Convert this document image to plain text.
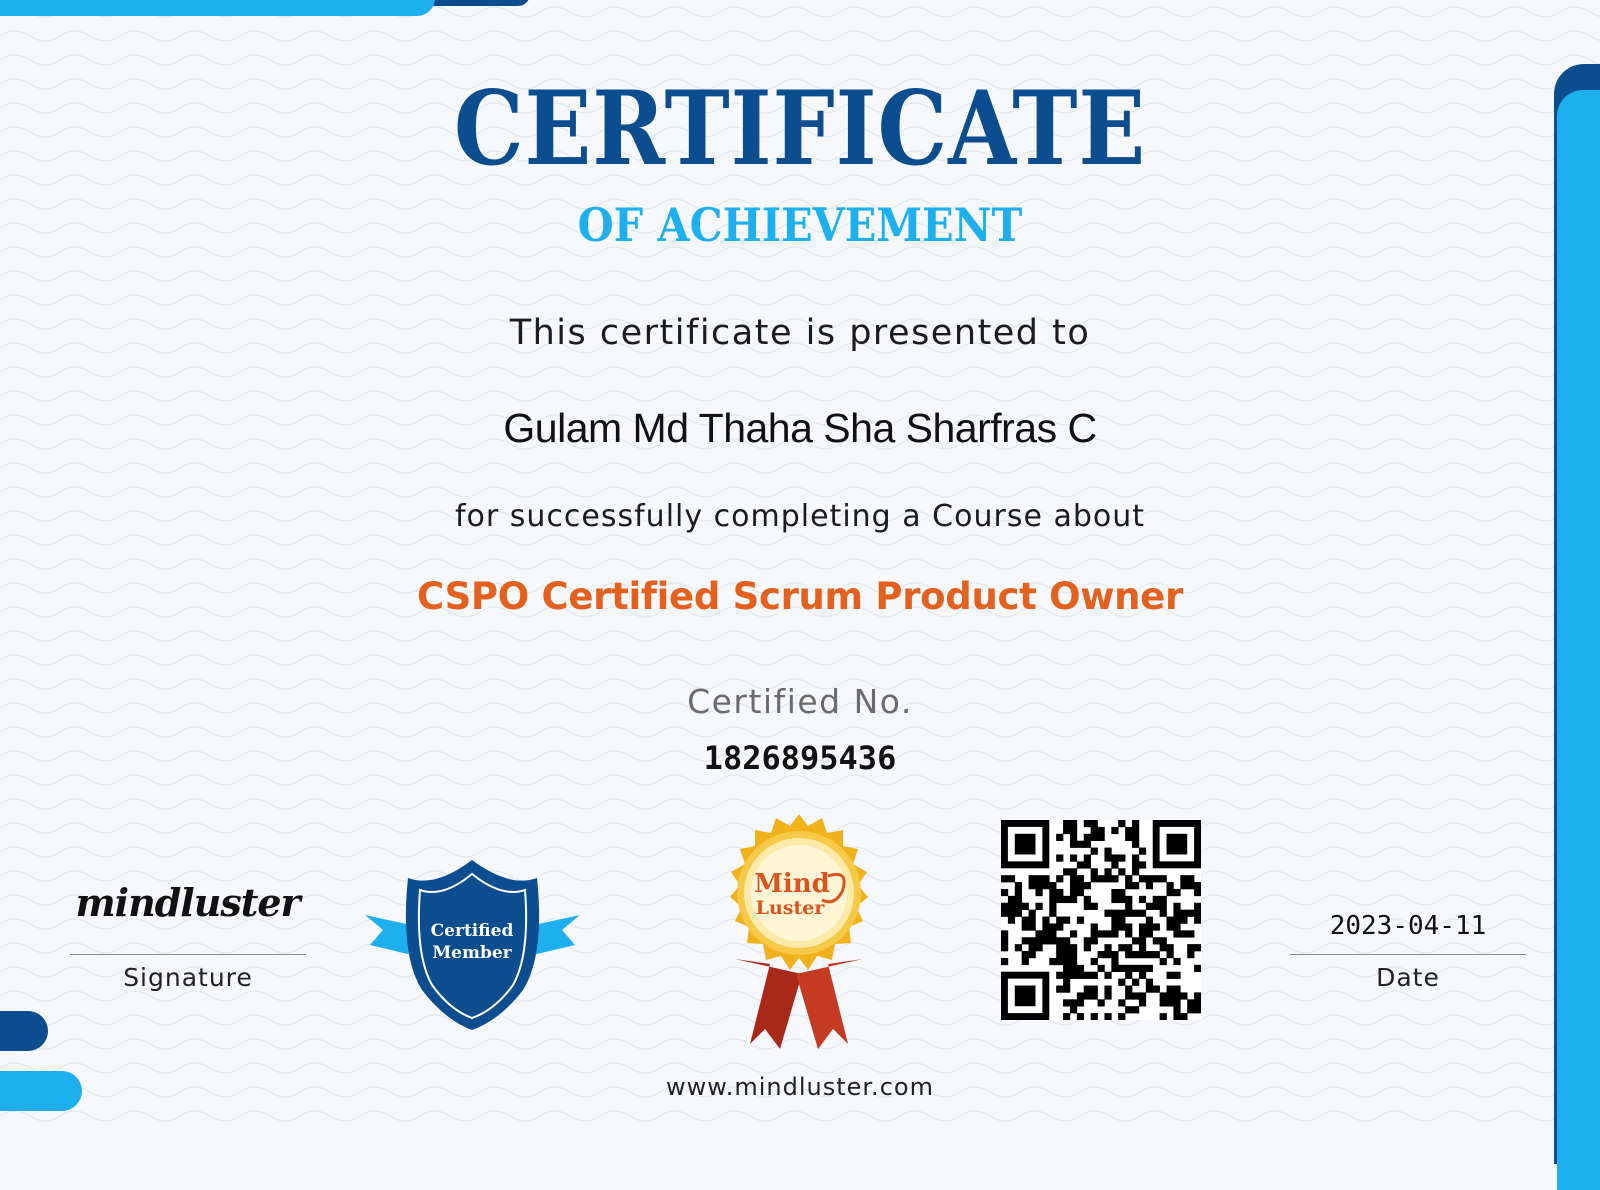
CERTIFICATE
OF ACHIEVEMENT
This certificate is presented to
Gulam Md Thaha Sha Sharfras C
for successfully completing a Course about
CSPO Certified Scrum Product Owner
Certified No.
1826895436
mindluster
Signature
Certified
Member
Mind
Luster
2023-04-11
Date
www.mindluster.com
